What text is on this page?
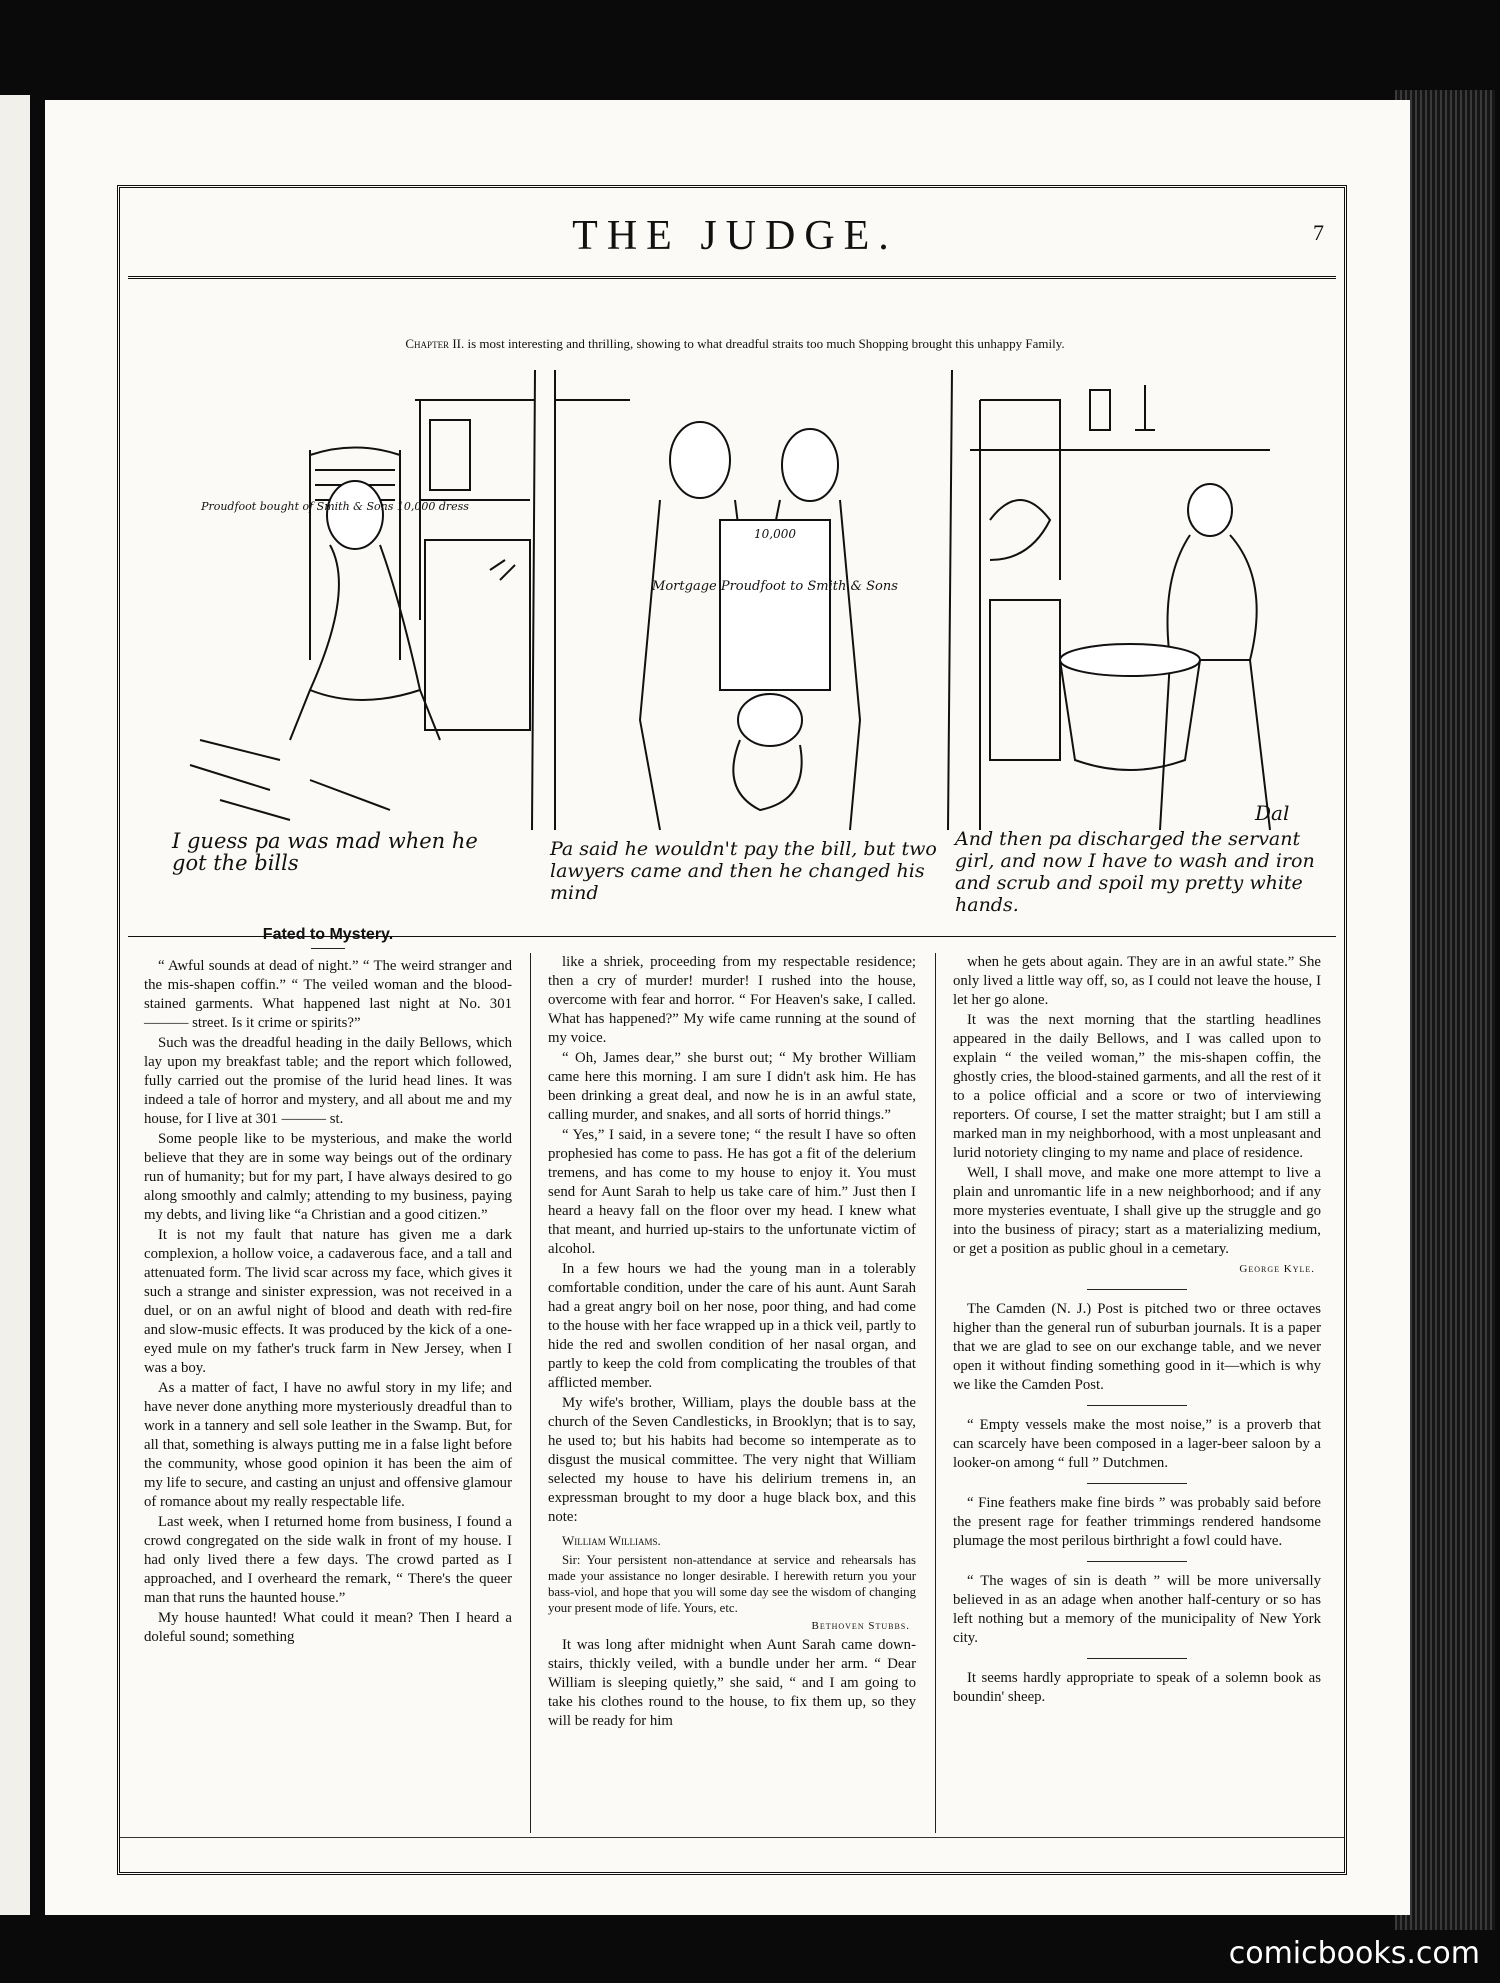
THE JUDGE.	7
Chapter II. is most interesting and thrilling, showing to what dreadful straits too much Shopping brought this unhappy Family.
Proudfoot bought of Smith & Sons 10,000 dress
10,000
Mortgage Proudfoot to Smith & Sons
Dal
I guess pa was mad when he got the bills
Pa said he wouldn't pay the bill, but two lawyers came and then he changed his mind
And then pa discharged the servant girl, and now I have to wash and iron and scrub and spoil my pretty white hands.

Fated to Mystery.

“ Awful sounds at dead of night.” “ The weird stranger and the mis-shapen coffin.” “ The veiled woman and the blood-stained garments. What happened last night at No. 301 ——— street. Is it crime or spirits?”

Such was the dreadful heading in the daily Bellows, which lay upon my breakfast table; and the report which followed, fully carried out the promise of the lurid head lines. It was indeed a tale of horror and mystery, and all about me and my house, for I live at 301 ——— st.

Some people like to be mysterious, and make the world believe that they are in some way beings out of the ordinary run of humanity; but for my part, I have always desired to go along smoothly and calmly; attending to my business, paying my debts, and living like “a Christian and a good citizen.”

It is not my fault that nature has given me a dark complexion, a hollow voice, a cadaverous face, and a tall and attenuated form. The livid scar across my face, which gives it such a strange and sinister expression, was not received in a duel, or on an awful night of blood and death with red-fire and slow-music effects. It was produced by the kick of a one-eyed mule on my father's truck farm in New Jersey, when I was a boy.

As a matter of fact, I have no awful story in my life; and have never done anything more mysteriously dreadful than to work in a tannery and sell sole leather in the Swamp. But, for all that, something is always putting me in a false light before the community, whose good opinion it has been the aim of my life to secure, and casting an unjust and offensive glamour of romance about my really respectable life.

Last week, when I returned home from business, I found a crowd congregated on the side walk in front of my house. I had only lived there a few days. The crowd parted as I approached, and I overheard the remark, “ There's the queer man that runs the haunted house.”

My house haunted! What could it mean? Then I heard a doleful sound; something

like a shriek, proceeding from my respectable residence; then a cry of murder! murder! I rushed into the house, overcome with fear and horror. “ For Heaven's sake, I called. What has happened?” My wife came running at the sound of my voice.

“ Oh, James dear,” she burst out; “ My brother William came here this morning. I am sure I didn't ask him. He has been drinking a great deal, and now he is in an awful state, calling murder, and snakes, and all sorts of horrid things.”

“ Yes,” I said, in a severe tone; “ the result I have so often prophesied has come to pass. He has got a fit of the delerium tremens, and has come to my house to enjoy it. You must send for Aunt Sarah to help us take care of him.” Just then I heard a heavy fall on the floor over my head. I knew what that meant, and hurried up-stairs to the unfortunate victim of alcohol.

In a few hours we had the young man in a tolerably comfortable condition, under the care of his aunt. Aunt Sarah had a great angry boil on her nose, poor thing, and had come to the house with her face wrapped up in a thick veil, partly to hide the red and swollen condition of her nasal organ, and partly to keep the cold from complicating the troubles of that afflicted member.

My wife's brother, William, plays the double bass at the church of the Seven Candlesticks, in Brooklyn; that is to say, he used to; but his habits had become so intemperate as to disgust the musical committee. The very night that William selected my house to have his delirium tremens in, an expressman brought to my door a huge black box, and this note:

William Williams.

Sir: Your persistent non-attendance at service and rehearsals has made your assistance no longer desirable. I herewith return you your bass-viol, and hope that you will some day see the wisdom of changing your present mode of life. Yours, etc.

Bethoven Stubbs.

It was long after midnight when Aunt Sarah came down-stairs, thickly veiled, with a bundle under her arm. “ Dear William is sleeping quietly,” she said, “ and I am going to take his clothes round to the house, to fix them up, so they will be ready for him

when he gets about again. They are in an awful state.” She only lived a little way off, so, as I could not leave the house, I let her go alone.

It was the next morning that the startling headlines appeared in the daily Bellows, and I was called upon to explain “ the veiled woman,” the mis-shapen coffin, the ghostly cries, the blood-stained garments, and all the rest of it to a police official and a score or two of interviewing reporters. Of course, I set the matter straight; but I am still a marked man in my neighborhood, with a most unpleasant and lurid notoriety clinging to my name and place of residence.

Well, I shall move, and make one more attempt to live a plain and unromantic life in a new neighborhood; and if any more mysteries eventuate, I shall give up the struggle and go into the business of piracy; start as a materializing medium, or get a position as public ghoul in a cemetary.

George Kyle.

The Camden (N. J.) Post is pitched two or three octaves higher than the general run of suburban journals. It is a paper that we are glad to see on our exchange table, and we never open it without finding something good in it—which is why we like the Camden Post.

“ Empty vessels make the most noise,” is a proverb that can scarcely have been composed in a lager-beer saloon by a looker-on among “ full ” Dutchmen.

“ Fine feathers make fine birds ” was probably said before the present rage for feather trimmings rendered handsome plumage the most perilous birthright a fowl could have.

“ The wages of sin is death ” will be more universally believed in as an adage when another half-century or so has left nothing but a memory of the municipality of New York city.

It seems hardly appropriate to speak of a solemn book as boundin' sheep.

comicbooks.com
